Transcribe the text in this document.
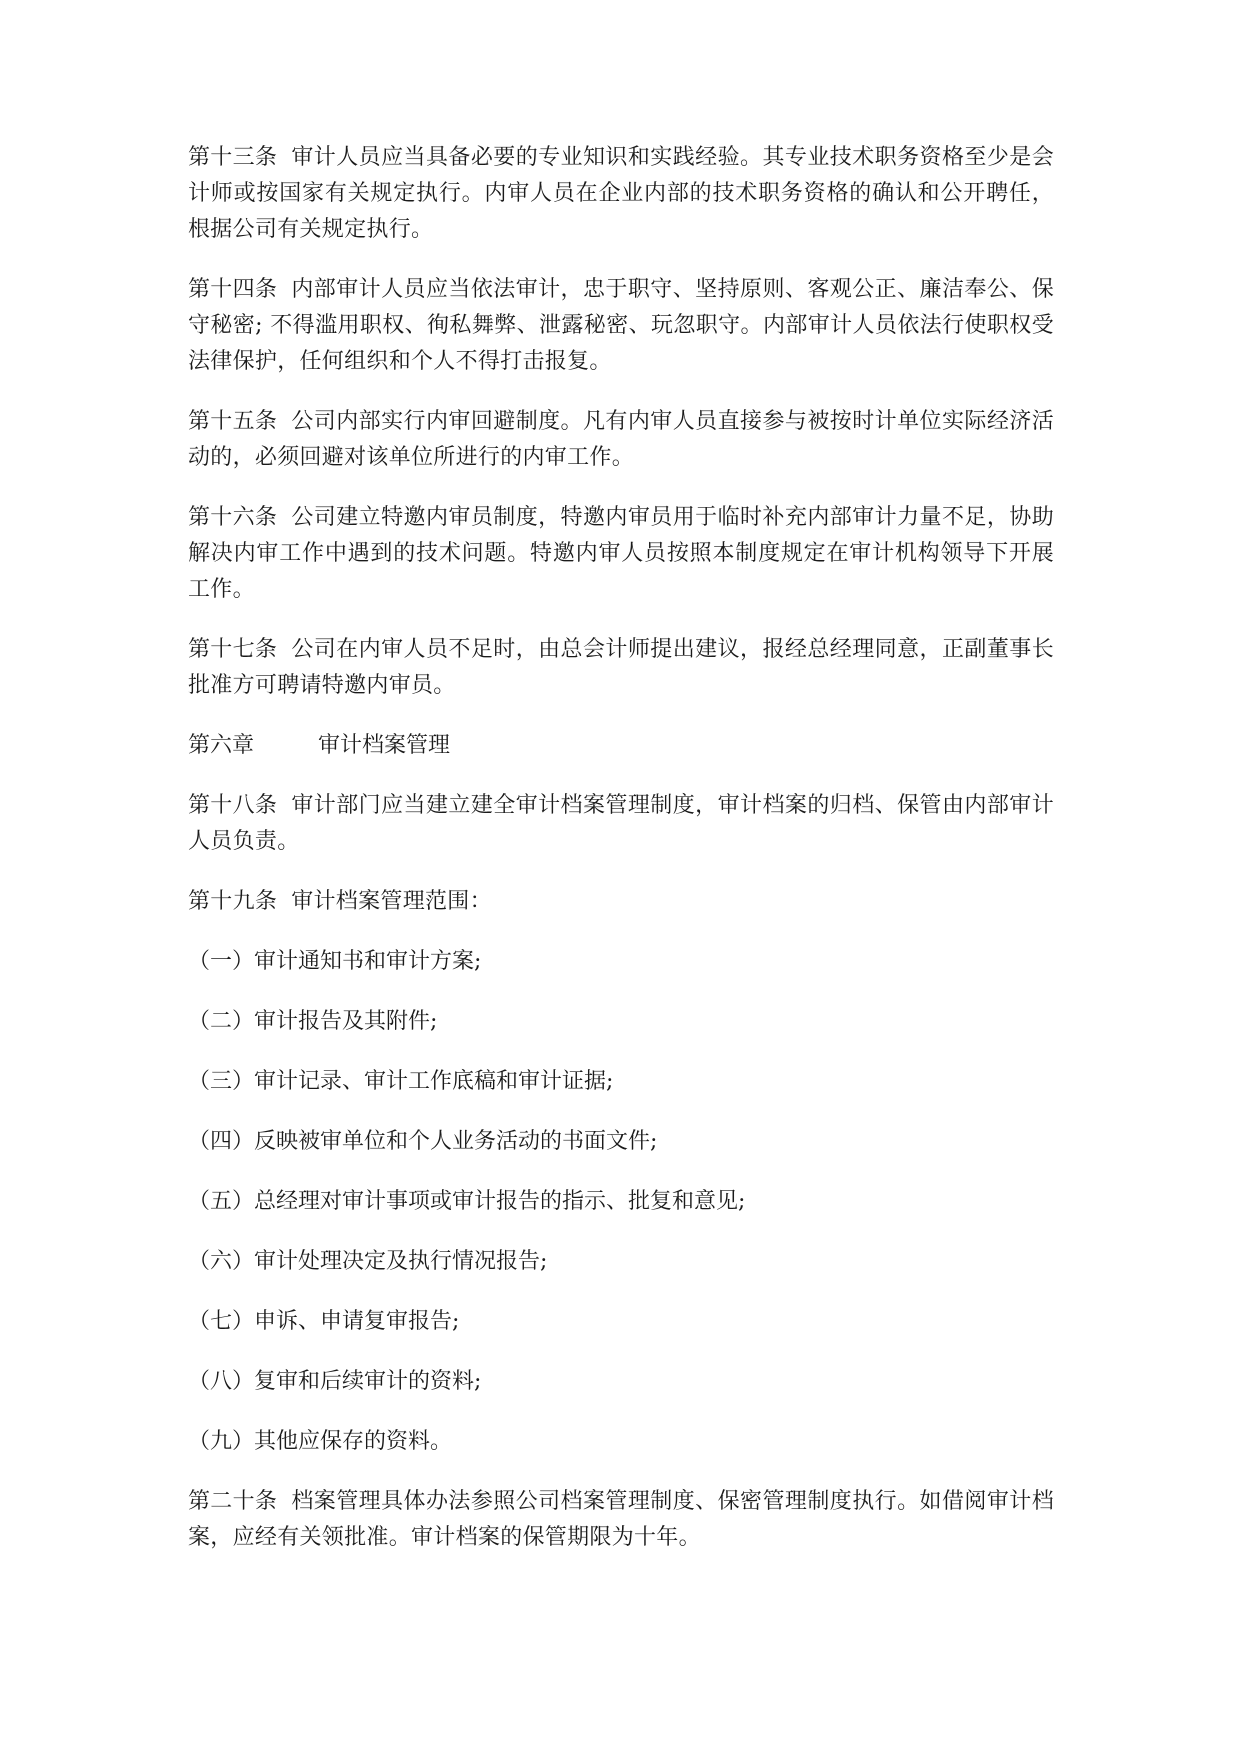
第十三条 审计人员应当具备必要的专业知识和实践经验。其专业技术职务资格至少是会计师或按国家有关规定执行。内审人员在企业内部的技术职务资格的确认和公开聘任，根据公司有关规定执行。

第十四条 内部审计人员应当依法审计，忠于职守、坚持原则、客观公正、廉洁奉公、保守秘密; 不得滥用职权、徇私舞弊、泄露秘密、玩忽职守。内部审计人员依法行使职权受法律保护，任何组织和个人不得打击报复。

第十五条 公司内部实行内审回避制度。凡有内审人员直接参与被按时计单位实际经济活动的，必须回避对该单位所进行的内审工作。

第十六条 公司建立特邀内审员制度，特邀内审员用于临时补充内部审计力量不足，协助解决内审工作中遇到的技术问题。特邀内审人员按照本制度规定在审计机构领导下开展工作。

第十七条 公司在内审人员不足时，由总会计师提出建议，报经总经理同意，正副董事长批准方可聘请特邀内审员。

第六章	审计档案管理

第十八条 审计部门应当建立建全审计档案管理制度，审计档案的归档、保管由内部审计人员负责。

第十九条 审计档案管理范围：

（一）审计通知书和审计方案;

（二）审计报告及其附件;

（三）审计记录、审计工作底稿和审计证据;

（四）反映被审单位和个人业务活动的书面文件;

（五）总经理对审计事项或审计报告的指示、批复和意见;

（六）审计处理决定及执行情况报告;

（七）申诉、申请复审报告;

（八）复审和后续审计的资料;

（九）其他应保存的资料。

第二十条 档案管理具体办法参照公司档案管理制度、保密管理制度执行。如借阅审计档案，应经有关领批准。审计档案的保管期限为十年。
